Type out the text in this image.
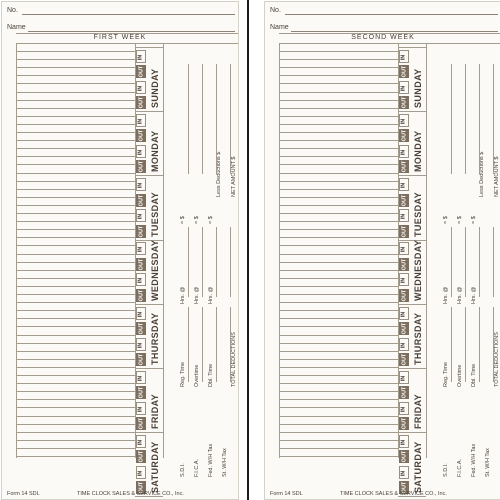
No.
Name
FIRST WEEK
OUT
IN
OUT
IN
SUNDAY
OUT
IN
OUT
IN
MONDAY
OUT
IN
OUT
IN
TUESDAY
OUT
IN
OUT
IN WEDNESDAY
OUT
IN
OUT
IN THURSDAY
OUT
IN
OUT
IN
FRIDAY
OUT
IN
OUT
IN SATURDAY
Less Deductions $ NET AMOUNT $
= $ = $ = $
Hrs. @ Hrs. @ Hrs. @
Reg. Time Overtime Dbl. Time	TOTAL DEDUCTIONS
S.D.I. F.I.C.A. Fed. W/H Tax St. W/H Tax
Form 14 SDL	TIME CLOCK SALES & SERVICE CO., Inc.
No.
Name
SECOND WEEK
OUT
IN
OUT
IN
SUNDAY
OUT
IN
OUT
IN
MONDAY
OUT
IN
OUT
IN
TUESDAY
OUT
IN
OUT
IN WEDNESDAY
OUT
IN
OUT
IN THURSDAY
OUT
IN
OUT
IN
FRIDAY
OUT
IN
OUT
IN SATURDAY
Less Deductions $ NET AMOUNT $
= $ = $ = $
Hrs. @ Hrs. @ Hrs. @
Reg. Time Overtime Dbl. Time	TOTAL DEDUCTIONS
S.D.I. F.I.C.A. Fed. W/H Tax St. W/H Tax
Form 14 SDL	TIME CLOCK SALES & SERVICE CO., Inc.
